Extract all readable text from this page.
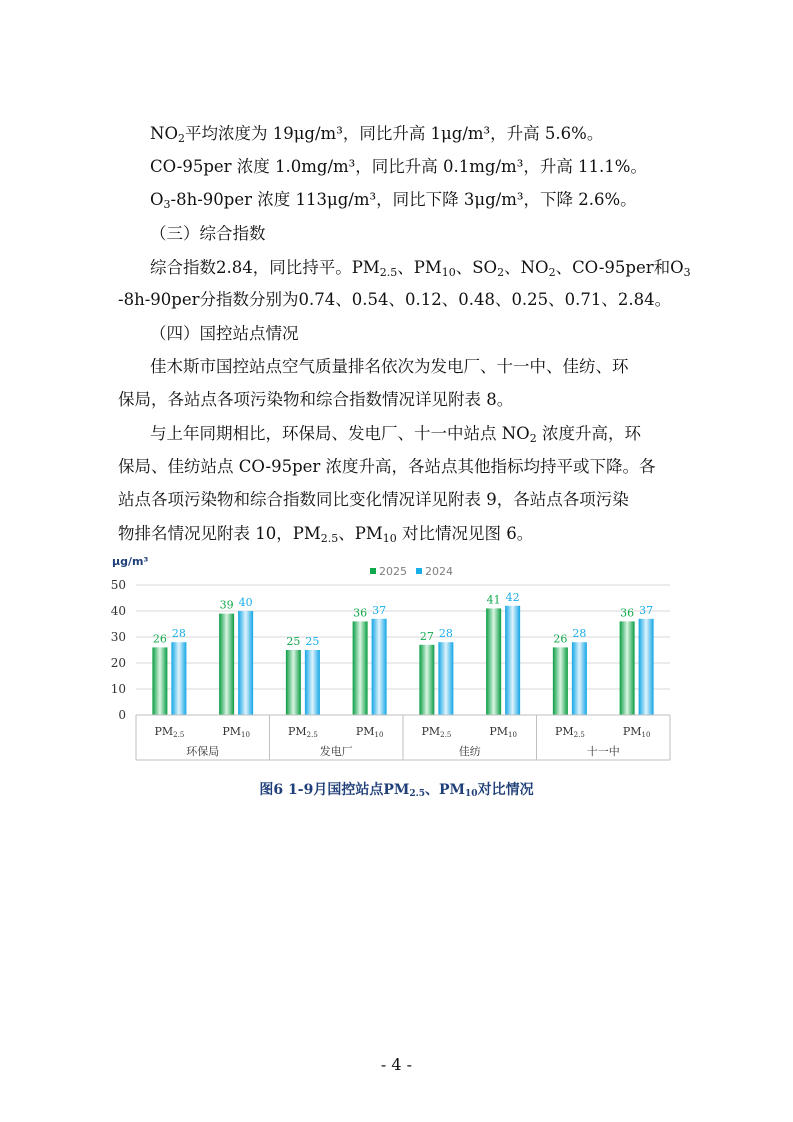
$NO_2$平均浓度为 19μg/m³，同比升高 1μg/m³，升高 5.6%。
CO-95per 浓度 1.0mg/m³，同比升高 0.1mg/m³，升高 11.1%。
$O_3-8h-90per$ 浓度 113μg/m³，同比下降 3μg/m³，下降 2.6%。
（三）综合指数
综合指数2.84，同比持平。$PM_{2.5}$、$PM_{10}$、$SO_2$、$NO_2$、CO-95per和$O_3$
-8h-90per分指数分别为0.74、0.54、0.12、0.48、0.25、0.71、2.84。
（四）国控站点情况
佳木斯市国控站点空气质量排名依次为发电厂、十一中、佳纺、环
保局，各站点各项污染物和综合指数情况详见附表 8。
与上年同期相比，环保局、发电厂、十一中站点 $NO_2$ 浓度升高，环
保局、佳纺站点 CO-95per 浓度升高，各站点其他指标均持平或下降。各
站点各项污染物和综合指数同比变化情况详见附表 9，各站点各项污染
物排名情况见附表 10，$PM_{2.5}$、$PM_{10}$ 对比情况见图 6。
μg/m³
2025 2024
0
10
20
30
40
50
26 28
39 40
25 25
36 37
27 28
41 42
26 28
36 37
PM2.5	PM10
环保局
PM2.5	PM10
发电厂
PM2.5	PM10
佳纺
PM2.5	PM10
十一中
图6 1-9月国控站点$PM_{2.5}$、$PM_{10}$对比情况
- 4 -
